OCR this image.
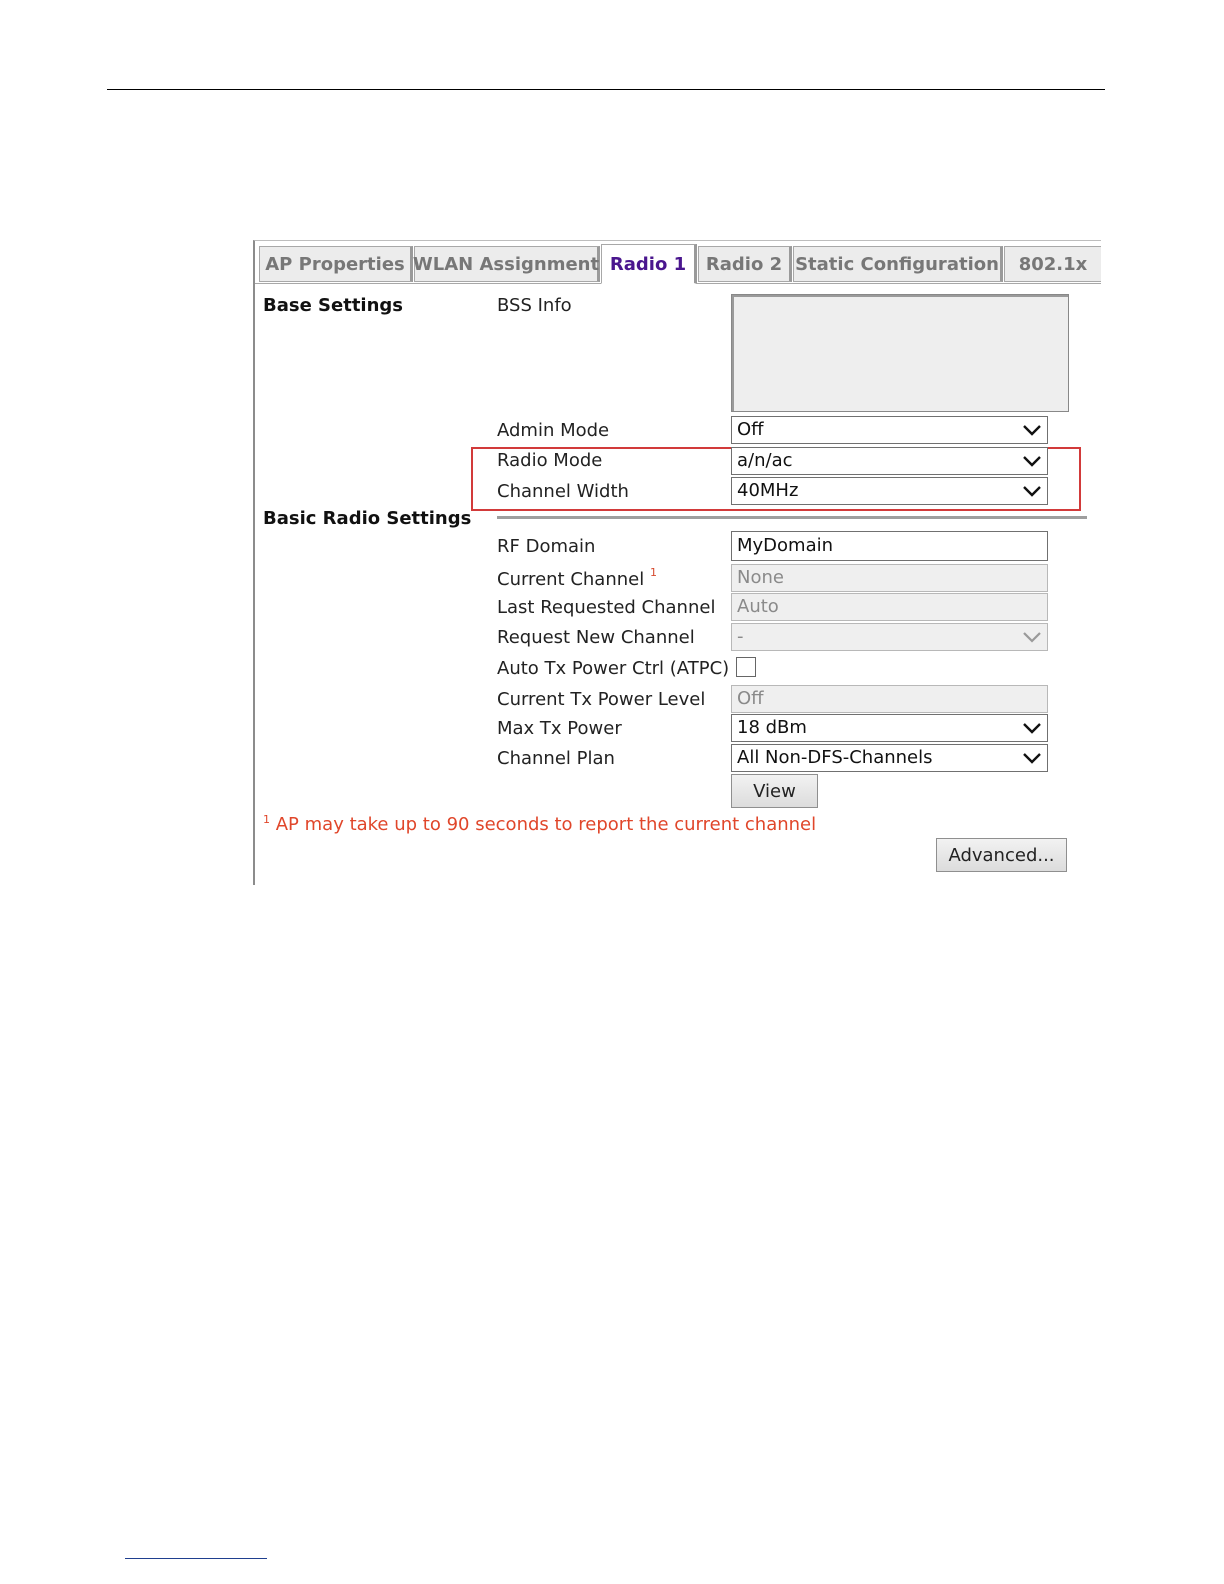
AP Properties WLAN Assignment Radio 1	Radio 2 Static Configuration	802.1x
Base Settings	BSS Info
Admin Mode	Off
Radio Mode	a/n/ac
Channel Width	40MHz
Basic Radio Settings
RF Domain	MyDomain
Current Channel $^1$	None
Last Requested Channel	Auto
Request New Channel	-
Auto Tx Power Ctrl (ATPC)
Current Tx Power Level	Off
Max Tx Power	18 dBm
Channel Plan	All Non-DFS-Channels
View
$^1$ AP may take up to 90 seconds to report the current channel
Advanced...
